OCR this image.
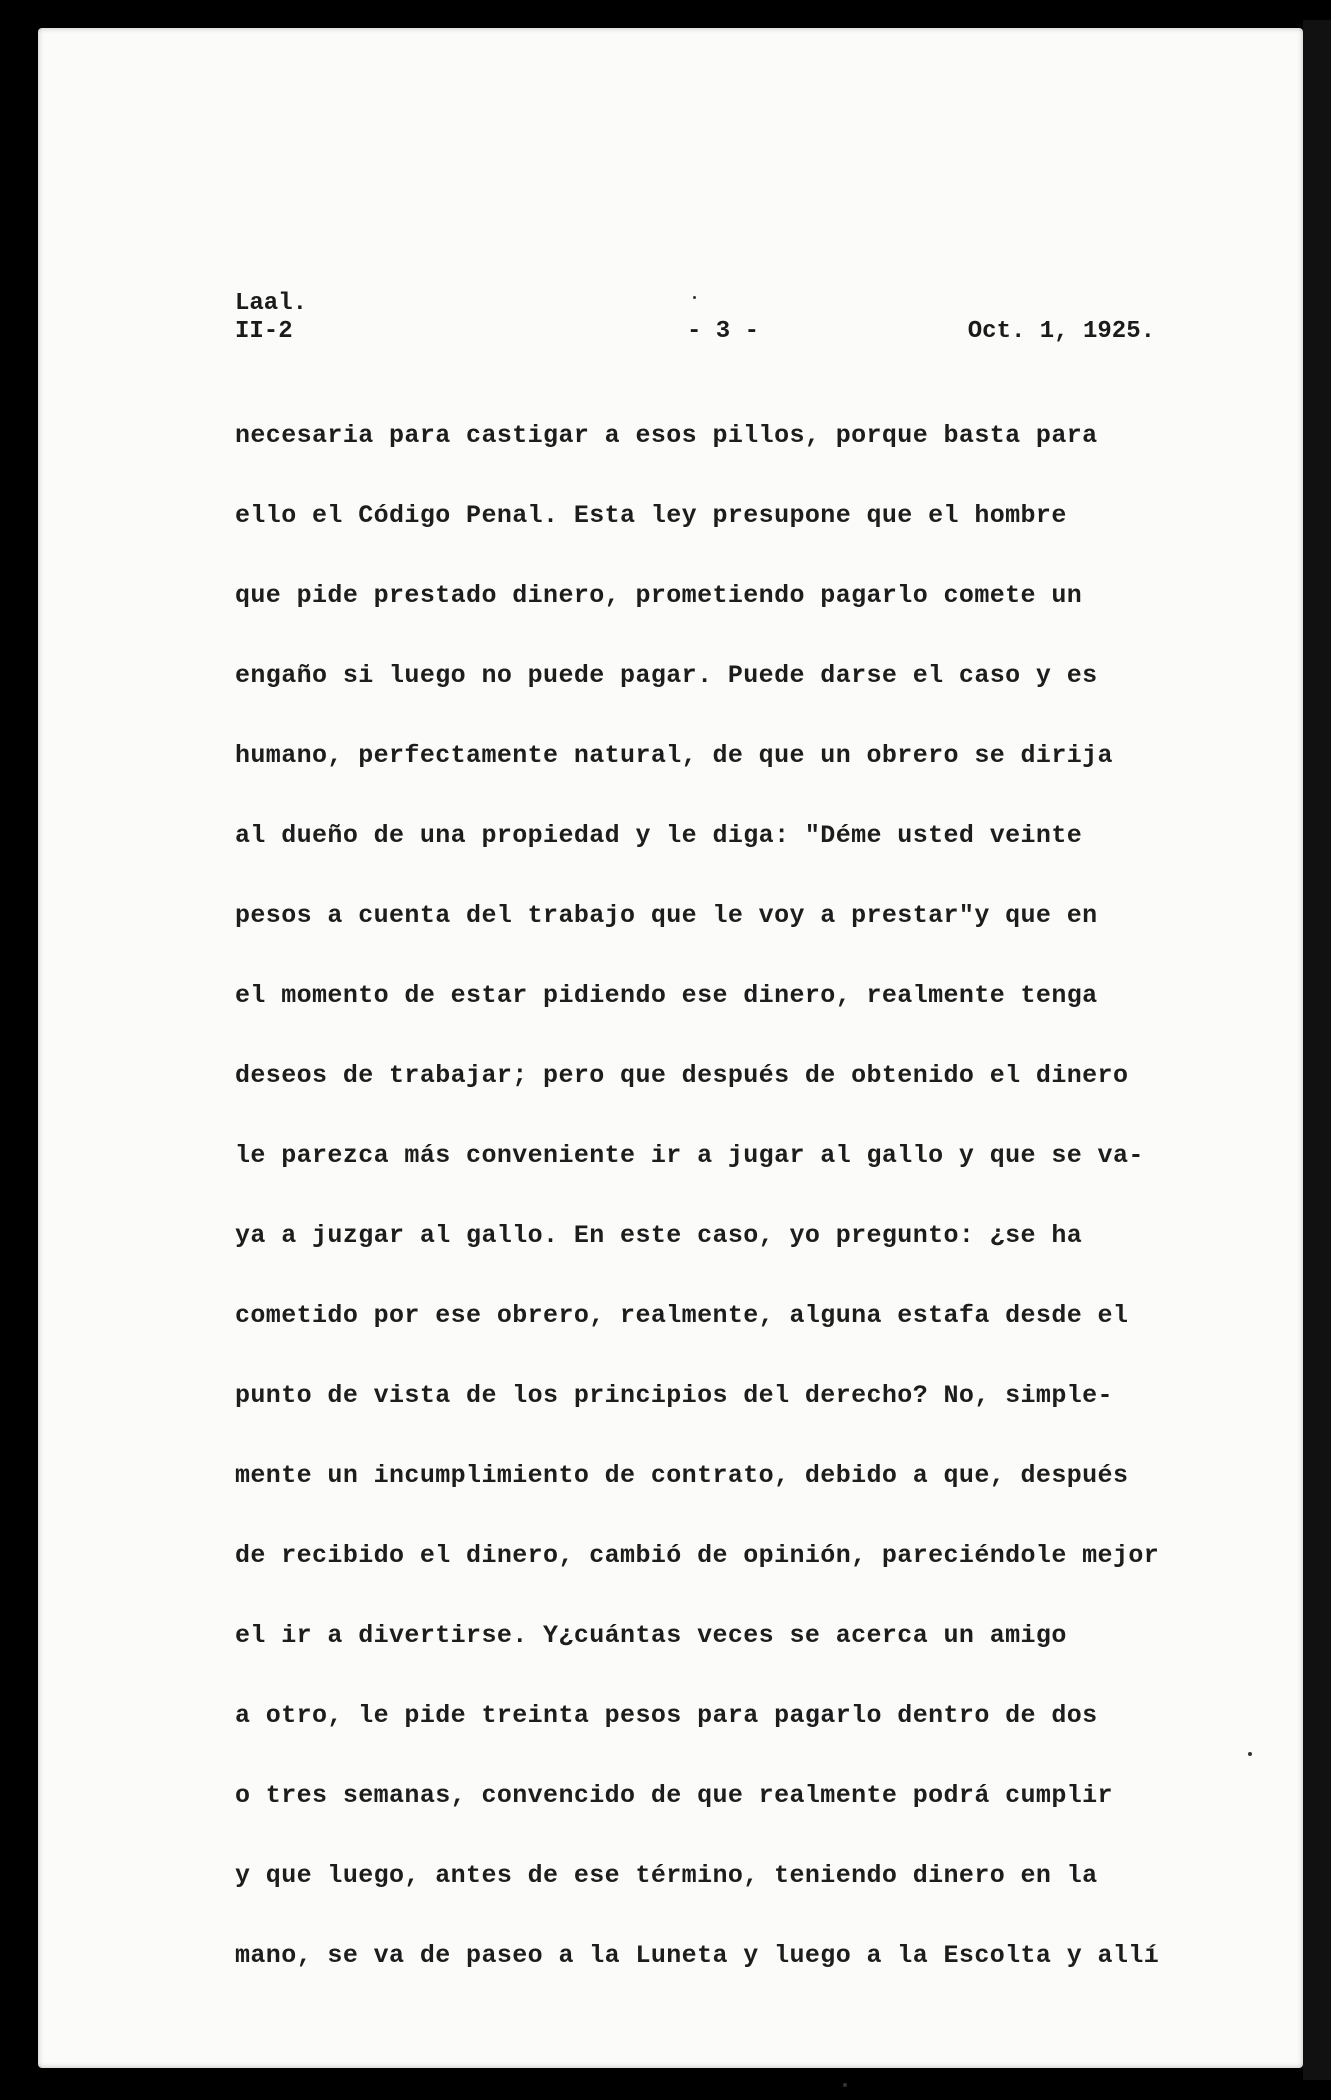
Laal.
II-2	- 3 -	Oct. 1, 1925.
necesaria para castigar a esos pillos, porque basta para
ello el Código Penal. Esta ley presupone que el hombre
que pide prestado dinero, prometiendo pagarlo comete un
engaño si luego no puede pagar. Puede darse el caso y es
humano, perfectamente natural, de que un obrero se dirija
al dueño de una propiedad y le diga: "Déme usted veinte
pesos a cuenta del trabajo que le voy a prestar"y que en
el momento de estar pidiendo ese dinero, realmente tenga
deseos de trabajar; pero que después de obtenido el dinero
le parezca más conveniente ir a jugar al gallo y que se va-
ya a juzgar al gallo. En este caso, yo pregunto: ¿se ha
cometido por ese obrero, realmente, alguna estafa desde el
punto de vista de los principios del derecho? No, simple-
mente un incumplimiento de contrato, debido a que, después
de recibido el dinero, cambió de opinión, pareciéndole mejor
el ir a divertirse. Y¿cuántas veces se acerca un amigo
a otro, le pide treinta pesos para pagarlo dentro de dos
o tres semanas, convencido de que realmente podrá cumplir
y que luego, antes de ese término, teniendo dinero en la
mano, se va de paseo a la Luneta y luego a la Escolta y allí
